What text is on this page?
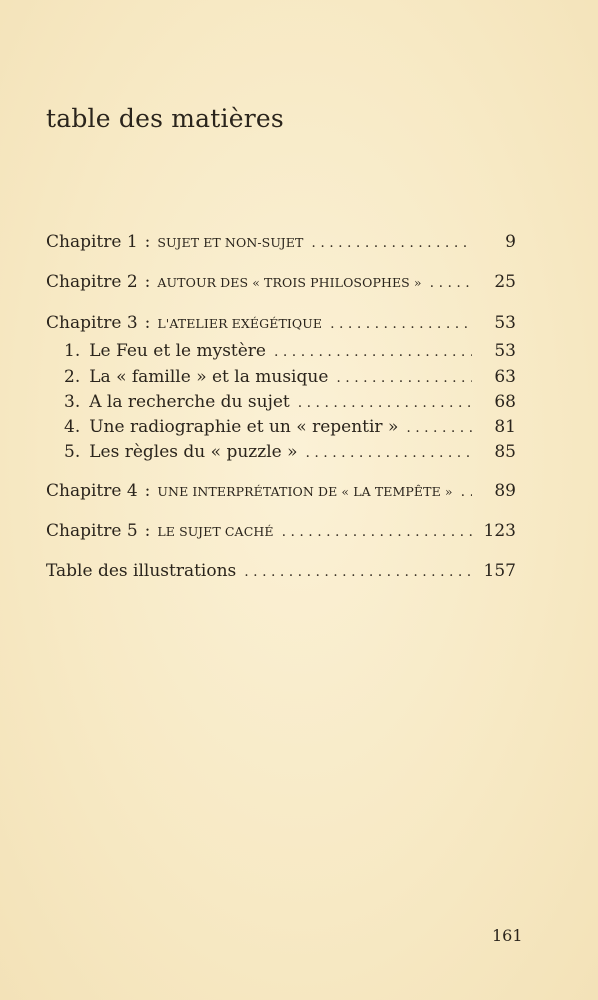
table des matières
Chapitre 1 : SUJET ET NON-SUJET . . .	9
Chapitre 2 : AUTOUR DES « TROIS PHILOSOPHES » . . .	25
Chapitre 3 : L'ATELIER EXÉGÉTIQUE . . .	53
1. Le Feu et le mystère . . .	53
2. La « famille » et la musique . . .	63
3. A la recherche du sujet . . .	68
4. Une radiographie et un « repentir » . . .	81
5. Les règles du « puzzle » . . .	85
Chapitre 4 : UNE INTERPRÉTATION DE « LA TEMPÊTE » . . .	89
Chapitre 5 : LE SUJET CACHÉ . . .	123
Table des illustrations . . .	157
161
